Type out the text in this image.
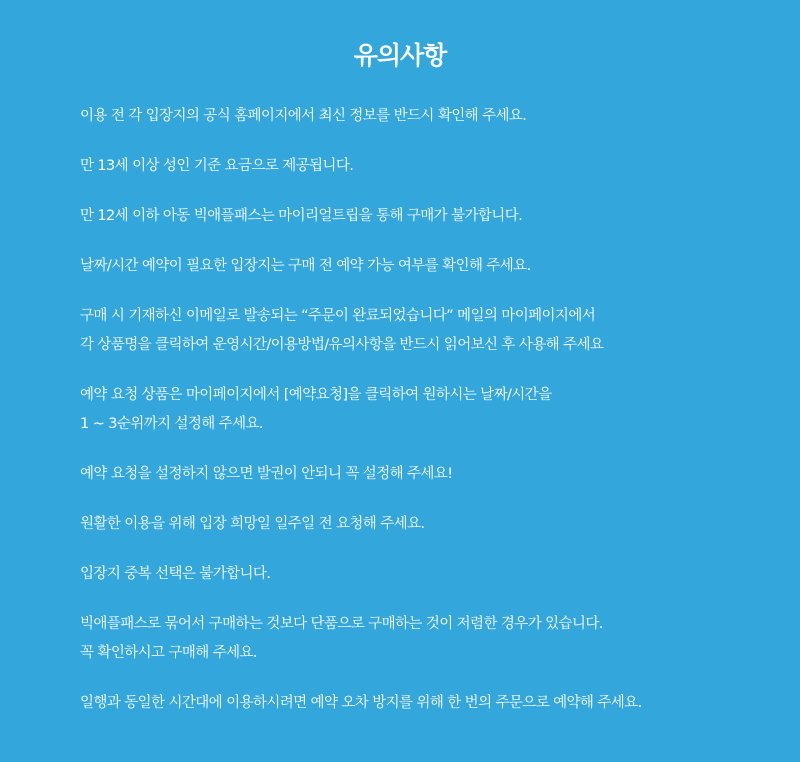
유의사항
이용 전 각 입장지의 공식 홈페이지에서 최신 정보를 반드시 확인해 주세요.
만 13세 이상 성인 기준 요금으로 제공됩니다.
만 12세 이하 아동 빅애플패스는 마이리얼트립을 통해 구매가 불가합니다.
날짜/시간 예약이 필요한 입장지는 구매 전 예약 가능 여부를 확인해 주세요.
구매 시 기재하신 이메일로 발송되는 “주문이 완료되었습니다” 메일의 마이페이지에서
각 상품명을 클릭하여 운영시간/이용방법/유의사항을 반드시 읽어보신 후 사용해 주세요
예약 요청 상품은 마이페이지에서 [예약요청]을 클릭하여 원하시는 날짜/시간을
1 ~ 3순위까지 설정해 주세요.
예약 요청을 설정하지 않으면 발권이 안되니 꼭 설정해 주세요!
원활한 이용을 위해 입장 희망일 일주일 전 요청해 주세요.
입장지 중복 선택은 불가합니다.
빅애플패스로 묶어서 구매하는 것보다 단품으로 구매하는 것이 저렴한 경우가 있습니다.
꼭 확인하시고 구매해 주세요.
일행과 동일한 시간대에 이용하시려면 예약 오차 방지를 위해 한 번의 주문으로 예약해 주세요.
